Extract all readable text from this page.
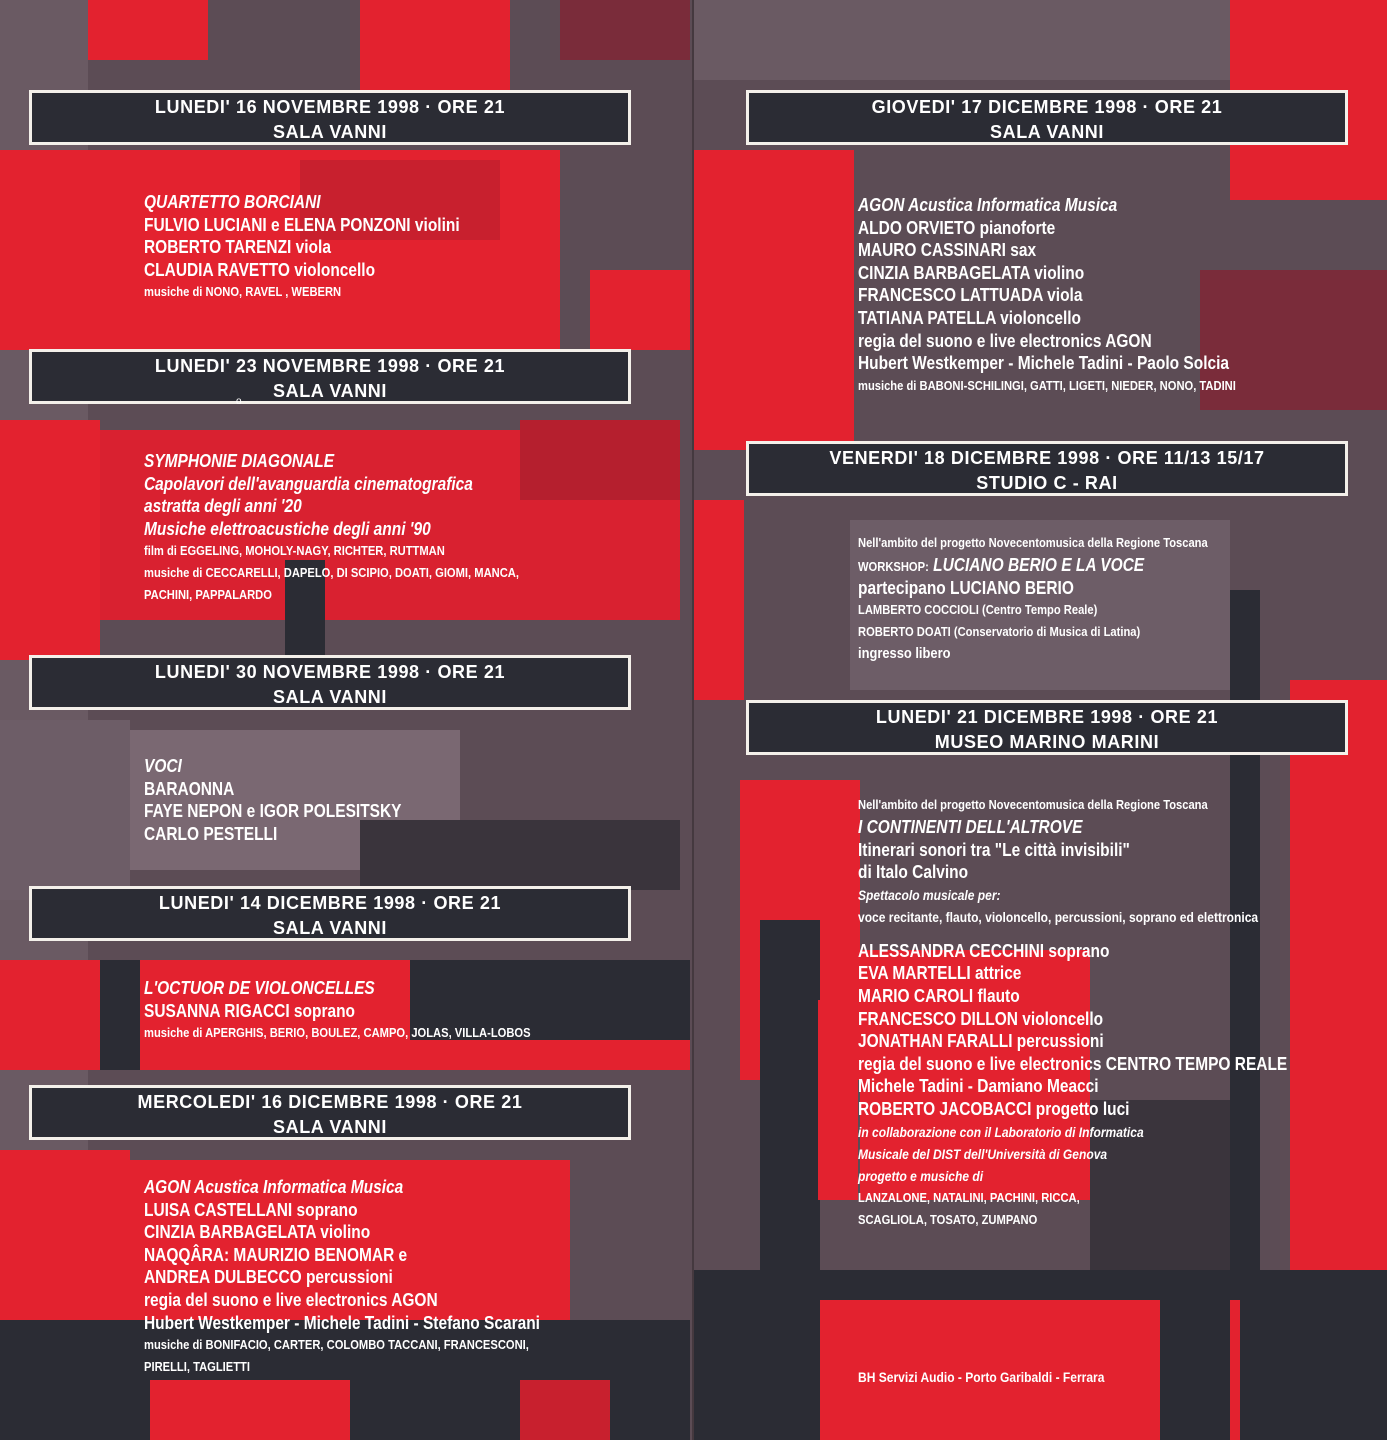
LUNEDI' 16 NOVEMBRE 1998 · ORE 21
SALA VANNI
QUARTETTO BORCIANI
FULVIO LUCIANI e ELENA PONZONI violini
ROBERTO TARENZI viola
CLAUDIA RAVETTO violoncello
musiche di NONO, RAVEL , WEBERN
LUNEDI' 23 NOVEMBRE 1998 · ORE 21
SALA VANNI
o
SYMPHONIE DIAGONALE
Capolavori dell'avanguardia cinematografica
astratta degli anni '20
Musiche elettroacustiche degli anni '90
film di EGGELING, MOHOLY-NAGY, RICHTER, RUTTMAN
musiche di CECCARELLI, DAPELO, DI SCIPIO, DOATI, GIOMI, MANCA,
PACHINI, PAPPALARDO
LUNEDI' 30 NOVEMBRE 1998 · ORE 21
SALA VANNI
VOCI
BARAONNA
FAYE NEPON e IGOR POLESITSKY
CARLO PESTELLI
LUNEDI' 14 DICEMBRE 1998 · ORE 21
SALA VANNI
L'OCTUOR DE VIOLONCELLES
SUSANNA RIGACCI soprano
musiche di APERGHIS, BERIO, BOULEZ, CAMPO, JOLAS, VILLA-LOBOS
MERCOLEDI' 16 DICEMBRE 1998 · ORE 21
SALA VANNI
AGON Acustica Informatica Musica
LUISA CASTELLANI soprano
CINZIA BARBAGELATA violino
NAQQÂRA: MAURIZIO BENOMAR e
ANDREA DULBECCO percussioni
regia del suono e live electronics AGON
Hubert Westkemper - Michele Tadini - Stefano Scarani
musiche di BONIFACIO, CARTER, COLOMBO TACCANI, FRANCESCONI,
PIRELLI, TAGLIETTI
GIOVEDI' 17 DICEMBRE 1998 · ORE 21
SALA VANNI
AGON Acustica Informatica Musica
ALDO ORVIETO pianoforte
MAURO CASSINARI sax
CINZIA BARBAGELATA violino
FRANCESCO LATTUADA viola
TATIANA PATELLA violoncello
regia del suono e live electronics AGON
Hubert Westkemper - Michele Tadini - Paolo Solcia
musiche di BABONI-SCHILINGI, GATTI, LIGETI, NIEDER, NONO, TADINI
VENERDI' 18 DICEMBRE 1998 · ORE 11/13 15/17
STUDIO C - RAI
Nell'ambito del progetto Novecentomusica della Regione Toscana
WORKSHOP: LUCIANO BERIO E LA VOCE
partecipano LUCIANO BERIO
LAMBERTO COCCIOLI (Centro Tempo Reale)
ROBERTO DOATI (Conservatorio di Musica di Latina)
ingresso libero
LUNEDI' 21 DICEMBRE 1998 · ORE 21
MUSEO MARINO MARINI
Nell'ambito del progetto Novecentomusica della Regione Toscana
I CONTINENTI DELL'ALTROVE
Itinerari sonori tra "Le città invisibili"
di Italo Calvino
Spettacolo musicale per:
voce recitante, flauto, violoncello, percussioni, soprano ed elettronica
ALESSANDRA CECCHINI soprano
EVA MARTELLI attrice
MARIO CAROLI flauto
FRANCESCO DILLON violoncello
JONATHAN FARALLI percussioni
regia del suono e live electronics CENTRO TEMPO REALE
Michele Tadini - Damiano Meacci
ROBERTO JACOBACCI progetto luci
in collaborazione con il Laboratorio di Informatica
Musicale del DIST dell'Università di Genova
progetto e musiche di
LANZALONE, NATALINI, PACHINI, RICCA,
SCAGLIOLA, TOSATO, ZUMPANO
BH Servizi Audio - Porto Garibaldi - Ferrara
